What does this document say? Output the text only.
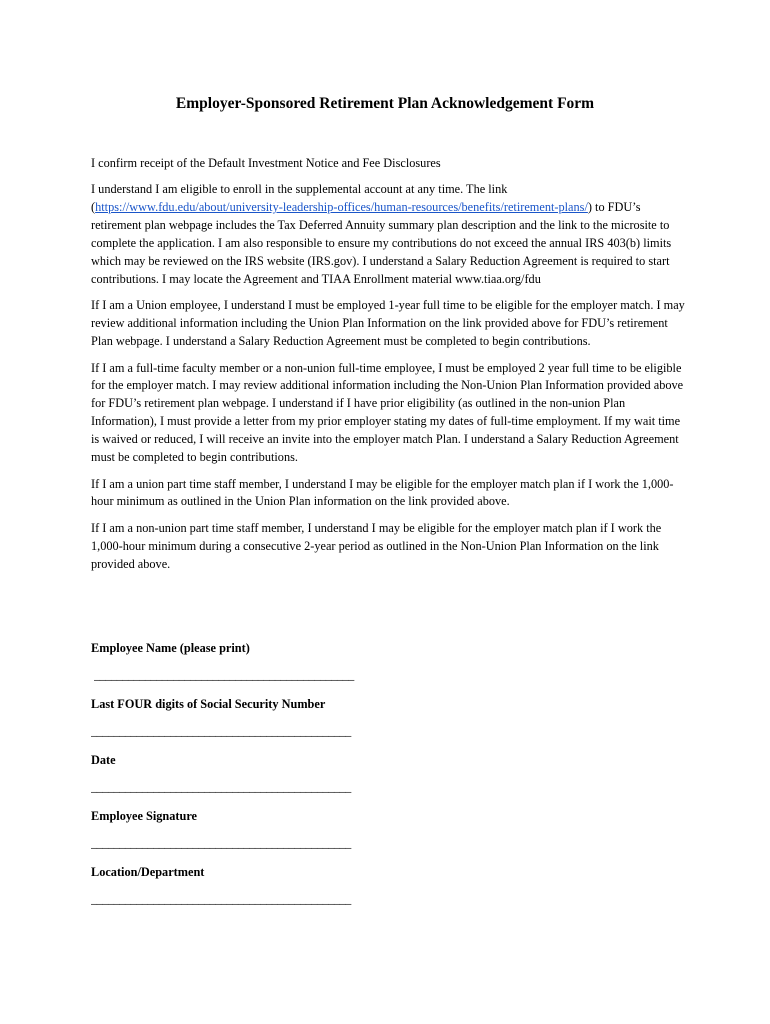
Employer-Sponsored Retirement Plan Acknowledgement Form

I confirm receipt of the Default Investment Notice and Fee Disclosures

I understand I am eligible to enroll in the supplemental account at any time. The link (https://www.fdu.edu/about/university-leadership-offices/human-resources/benefits/retirement-plans/) to FDU’s retirement plan webpage includes the Tax Deferred Annuity summary plan description and the link to the microsite to complete the application. I am also responsible to ensure my contributions do not exceed the annual IRS 403(b) limits which may be reviewed on the IRS website (IRS.gov). I understand a Salary Reduction Agreement is required to start contributions. I may locate the Agreement and TIAA Enrollment material www.tiaa.org/fdu

If I am a Union employee, I understand I must be employed 1-year full time to be eligible for the employer match. I may review additional information including the Union Plan Information on the link provided above for FDU’s retirement Plan webpage. I understand a Salary Reduction Agreement must be completed to begin contributions.

If I am a full-time faculty member or a non-union full-time employee, I must be employed 2 year full time to be eligible for the employer match. I may review additional information including the Non-Union Plan Information provided above for FDU’s retirement plan webpage. I understand if I have prior eligibility (as outlined in the non-union Plan Information), I must provide a letter from my prior employer stating my dates of full-time employment. If my wait time is waived or reduced, I will receive an invite into the employer match Plan. I understand a Salary Reduction Agreement must be completed to begin contributions.

If I am a union part time staff member, I understand I may be eligible for the employer match plan if I work the 1,000-hour minimum as outlined in the Union Plan information on the link provided above.

If I am a non-union part time staff member, I understand I may be eligible for the employer match plan if I work the 1,000-hour minimum during a consecutive 2-year period as outlined in the Non-Union Plan Information on the link provided above.

Employee Name (please print)

______________________________________________

Last FOUR digits of Social Security Number

______________________________________________

Date

______________________________________________

Employee Signature

______________________________________________

Location/Department

______________________________________________
